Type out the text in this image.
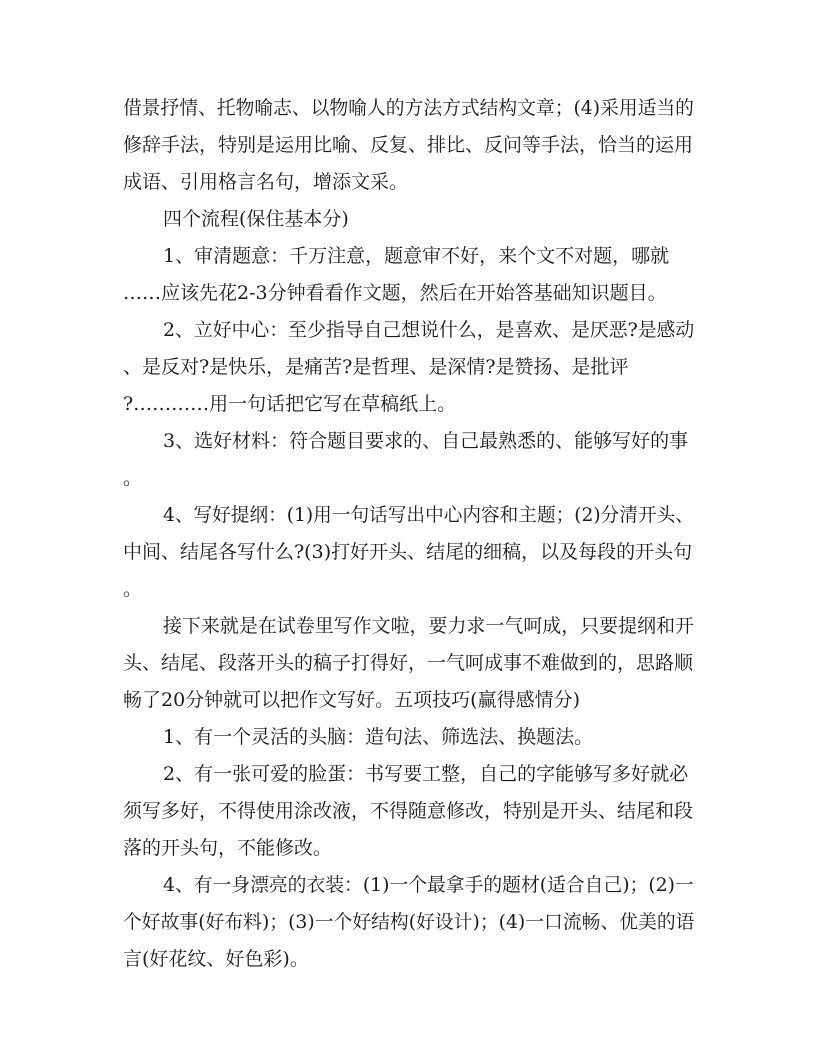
借景抒情、托物喻志、以物喻人的方法方式结构文章；(4)采用适当的
修辞手法，特别是运用比喻、反复、排比、反问等手法，恰当的运用
成语、引用格言名句，增添文采。
四个流程(保住基本分)
1、审清题意：千万注意，题意审不好，来个文不对题，哪就
……应该先花2-3分钟看看作文题，然后在开始答基础知识题目。
2、立好中心：至少指导自己想说什么，是喜欢、是厌恶?是感动
、是反对?是快乐，是痛苦?是哲理、是深情?是赞扬、是批评
?…………用一句话把它写在草稿纸上。
3、选好材料：符合题目要求的、自己最熟悉的、能够写好的事
。
4、写好提纲：(1)用一句话写出中心内容和主题；(2)分清开头、
中间、结尾各写什么?(3)打好开头、结尾的细稿，以及每段的开头句
。
接下来就是在试卷里写作文啦，要力求一气呵成，只要提纲和开
头、结尾、段落开头的稿子打得好，一气呵成事不难做到的，思路顺
畅了20分钟就可以把作文写好。五项技巧(赢得感情分)
1、有一个灵活的头脑：造句法、筛选法、换题法。
2、有一张可爱的脸蛋：书写要工整，自己的字能够写多好就必
须写多好，不得使用涂改液，不得随意修改，特别是开头、结尾和段
落的开头句，不能修改。
4、有一身漂亮的衣装：(1)一个最拿手的题材(适合自己)；(2)一
个好故事(好布料)；(3)一个好结构(好设计)；(4)一口流畅、优美的语
言(好花纹、好色彩)。
